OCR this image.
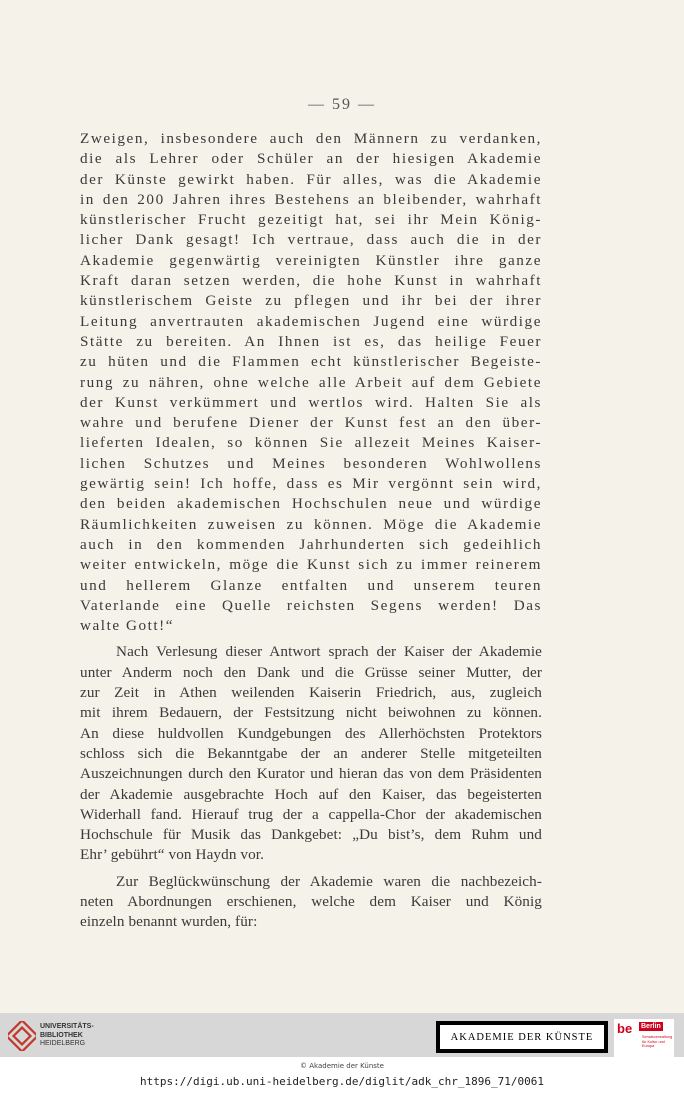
— 59 —
Zweigen, insbesondere auch den Männern zu verdanken,
die als Lehrer oder Schüler an der hiesigen Akademie
der Künste gewirkt haben. Für alles, was die Akademie
in den 200 Jahren ihres Bestehens an bleibender, wahrhaft
künstlerischer Frucht gezeitigt hat, sei ihr Mein König-
licher Dank gesagt! Ich vertraue, dass auch die in der
Akademie gegenwärtig vereinigten Künstler ihre ganze
Kraft daran setzen werden, die hohe Kunst in wahrhaft
künstlerischem Geiste zu pflegen und ihr bei der ihrer
Leitung anvertrauten akademischen Jugend eine würdige
Stätte zu bereiten. An Ihnen ist es, das heilige Feuer
zu hüten und die Flammen echt künstlerischer Begeiste-
rung zu nähren, ohne welche alle Arbeit auf dem Gebiete
der Kunst verkümmert und wertlos wird. Halten Sie als
wahre und berufene Diener der Kunst fest an den über-
lieferten Idealen, so können Sie allezeit Meines Kaiser-
lichen Schutzes und Meines besonderen Wohlwollens
gewärtig sein! Ich hoffe, dass es Mir vergönnt sein wird,
den beiden akademischen Hochschulen neue und würdige
Räumlichkeiten zuweisen zu können. Möge die Akademie
auch in den kommenden Jahrhunderten sich gedeihlich
weiter entwickeln, möge die Kunst sich zu immer reinerem
und hellerem Glanze entfalten und unserem teuren
Vaterlande eine Quelle reichsten Segens werden! Das
walte Gott!“
Nach Verlesung dieser Antwort sprach der Kaiser der Akademie
unter Anderm noch den Dank und die Grüsse seiner Mutter, der
zur Zeit in Athen weilenden Kaiserin Friedrich, aus, zugleich
mit ihrem Bedauern, der Festsitzung nicht beiwohnen zu können.
An diese huldvollen Kundgebungen des Allerhöchsten Protektors
schloss sich die Bekanntgabe der an anderer Stelle mitgeteilten
Auszeichnungen durch den Kurator und hieran das von dem Präsidenten
der Akademie ausgebrachte Hoch auf den Kaiser, das begeisterten
Widerhall fand. Hierauf trug der a cappella-Chor der akademischen
Hochschule für Musik das Dankgebet: „Du bist’s, dem Ruhm und
Ehr’ gebührt“ von Haydn vor.
Zur Beglückwünschung der Akademie waren die nachbezeich-
neten Abordnungen erschienen, welche dem Kaiser und König
einzeln benannt wurden, für:
UNIVERSITÄTS-
BIBLIOTHEK
HEIDELBERG
AKADEMIE DER KÜNSTE
be Berlin
Senatsverwaltung
für Kultur und Europa
© Akademie der Künste
https://digi.ub.uni-heidelberg.de/diglit/adk_chr_1896_71/0061
